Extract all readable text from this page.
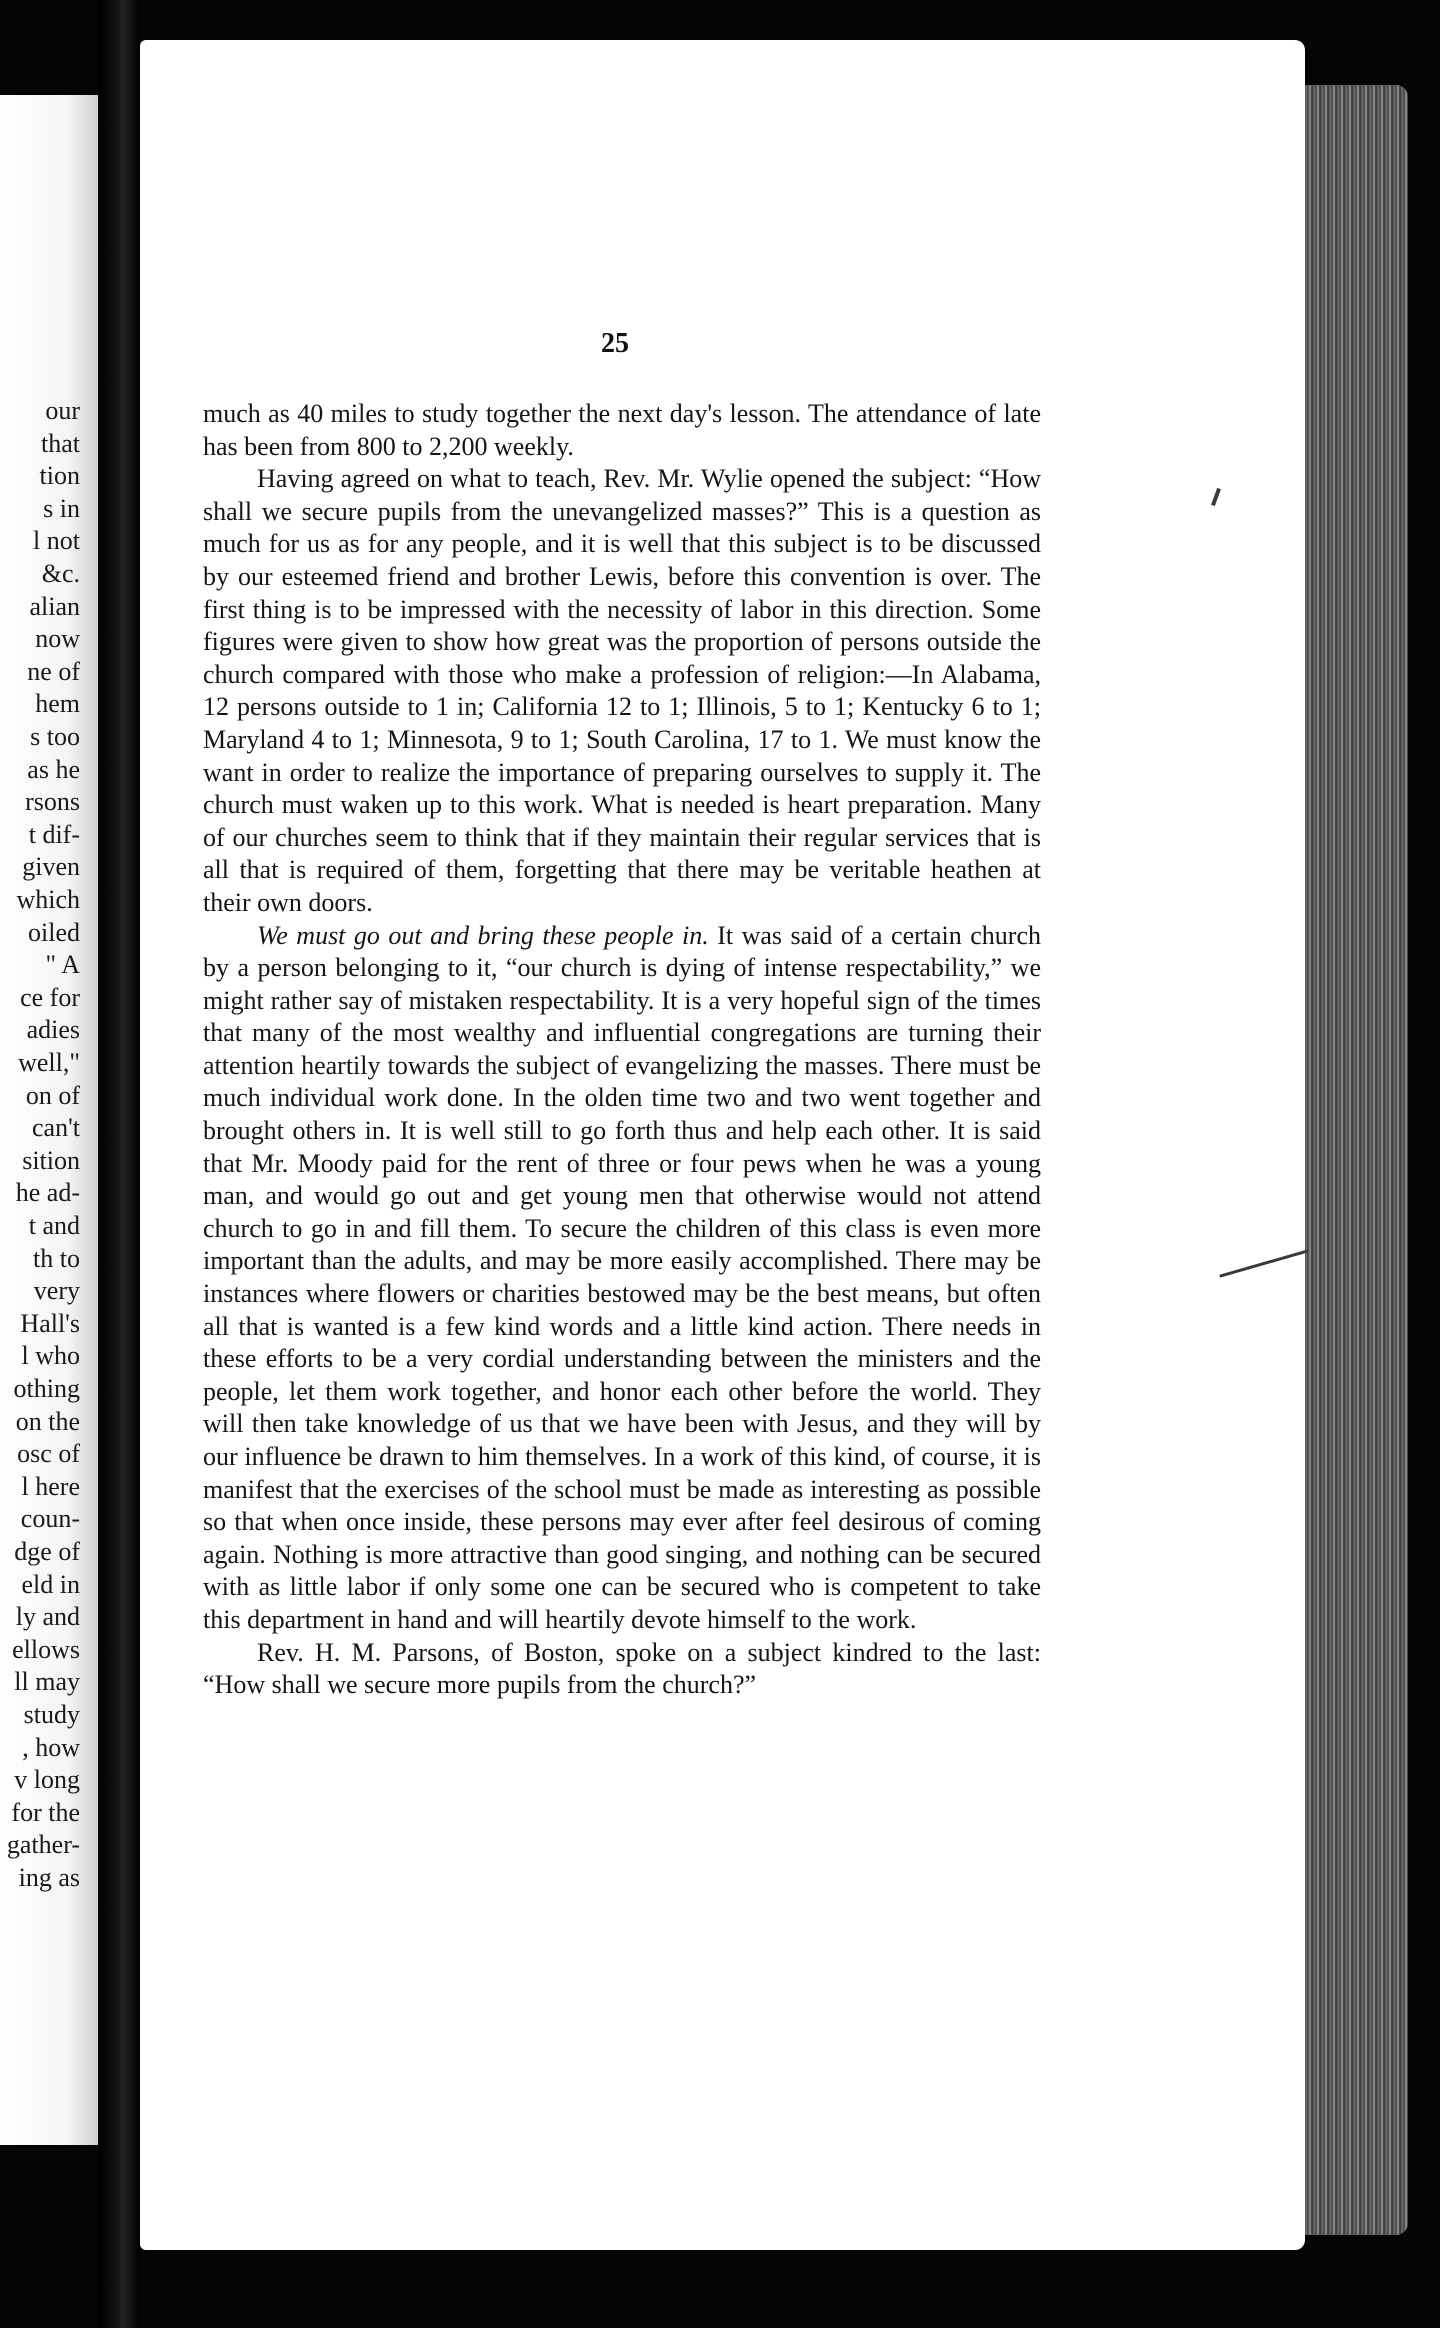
our
that
tion
s in
l not
&c.
alian
now
ne of
hem
s too
as he
rsons
t dif-
given
which
oiled
" A
ce for
adies
well,"
on of
can't
sition
he ad-
t and
th to
very
Hall's
l who
othing
on the
osc of
l here
coun-
dge of
eld in
ly and
ellows
ll may
study
, how
v long
for the
gather-
ing as
25

much as 40 miles to study together the next day's lesson. The attendance of late has been from 800 to 2,200 weekly.

Having agreed on what to teach, Rev. Mr. Wylie opened the subject: “How shall we secure pupils from the unevangelized masses?” This is a question as much for us as for any people, and it is well that this subject is to be discussed by our esteemed friend and brother Lewis, before this convention is over. The first thing is to be impressed with the necessity of labor in this direction. Some figures were given to show how great was the proportion of persons outside the church compared with those who make a profession of religion:—In Alabama, 12 persons outside to 1 in; California 12 to 1; Illinois, 5 to 1; Kentucky 6 to 1; Maryland 4 to 1; Minnesota, 9 to 1; South Carolina, 17 to 1. We must know the want in order to realize the importance of preparing ourselves to supply it. The church must waken up to this work. What is needed is heart preparation. Many of our churches seem to think that if they maintain their regular services that is all that is required of them, forgetting that there may be veritable heathen at their own doors.

We must go out and bring these people in. It was said of a certain church by a person belonging to it, “our church is dying of intense respectability,” we might rather say of mistaken respectability. It is a very hopeful sign of the times that many of the most wealthy and influential congregations are turning their attention heartily towards the subject of evangelizing the masses. There must be much individual work done. In the olden time two and two went together and brought others in. It is well still to go forth thus and help each other. It is said that Mr. Moody paid for the rent of three or four pews when he was a young man, and would go out and get young men that otherwise would not attend church to go in and fill them. To secure the children of this class is even more important than the adults, and may be more easily accomplished. There may be instances where flowers or charities bestowed may be the best means, but often all that is wanted is a few kind words and a little kind action. There needs in these efforts to be a very cordial understanding between the ministers and the people, let them work together, and honor each other before the world. They will then take knowledge of us that we have been with Jesus, and they will by our influence be drawn to him themselves. In a work of this kind, of course, it is manifest that the exercises of the school must be made as interesting as possible so that when once inside, these persons may ever after feel desirous of coming again. Nothing is more attractive than good singing, and nothing can be secured with as little labor if only some one can be secured who is competent to take this department in hand and will heartily devote himself to the work.

Rev. H. M. Parsons, of Boston, spoke on a subject kindred to the last: “How shall we secure more pupils from the church?”
